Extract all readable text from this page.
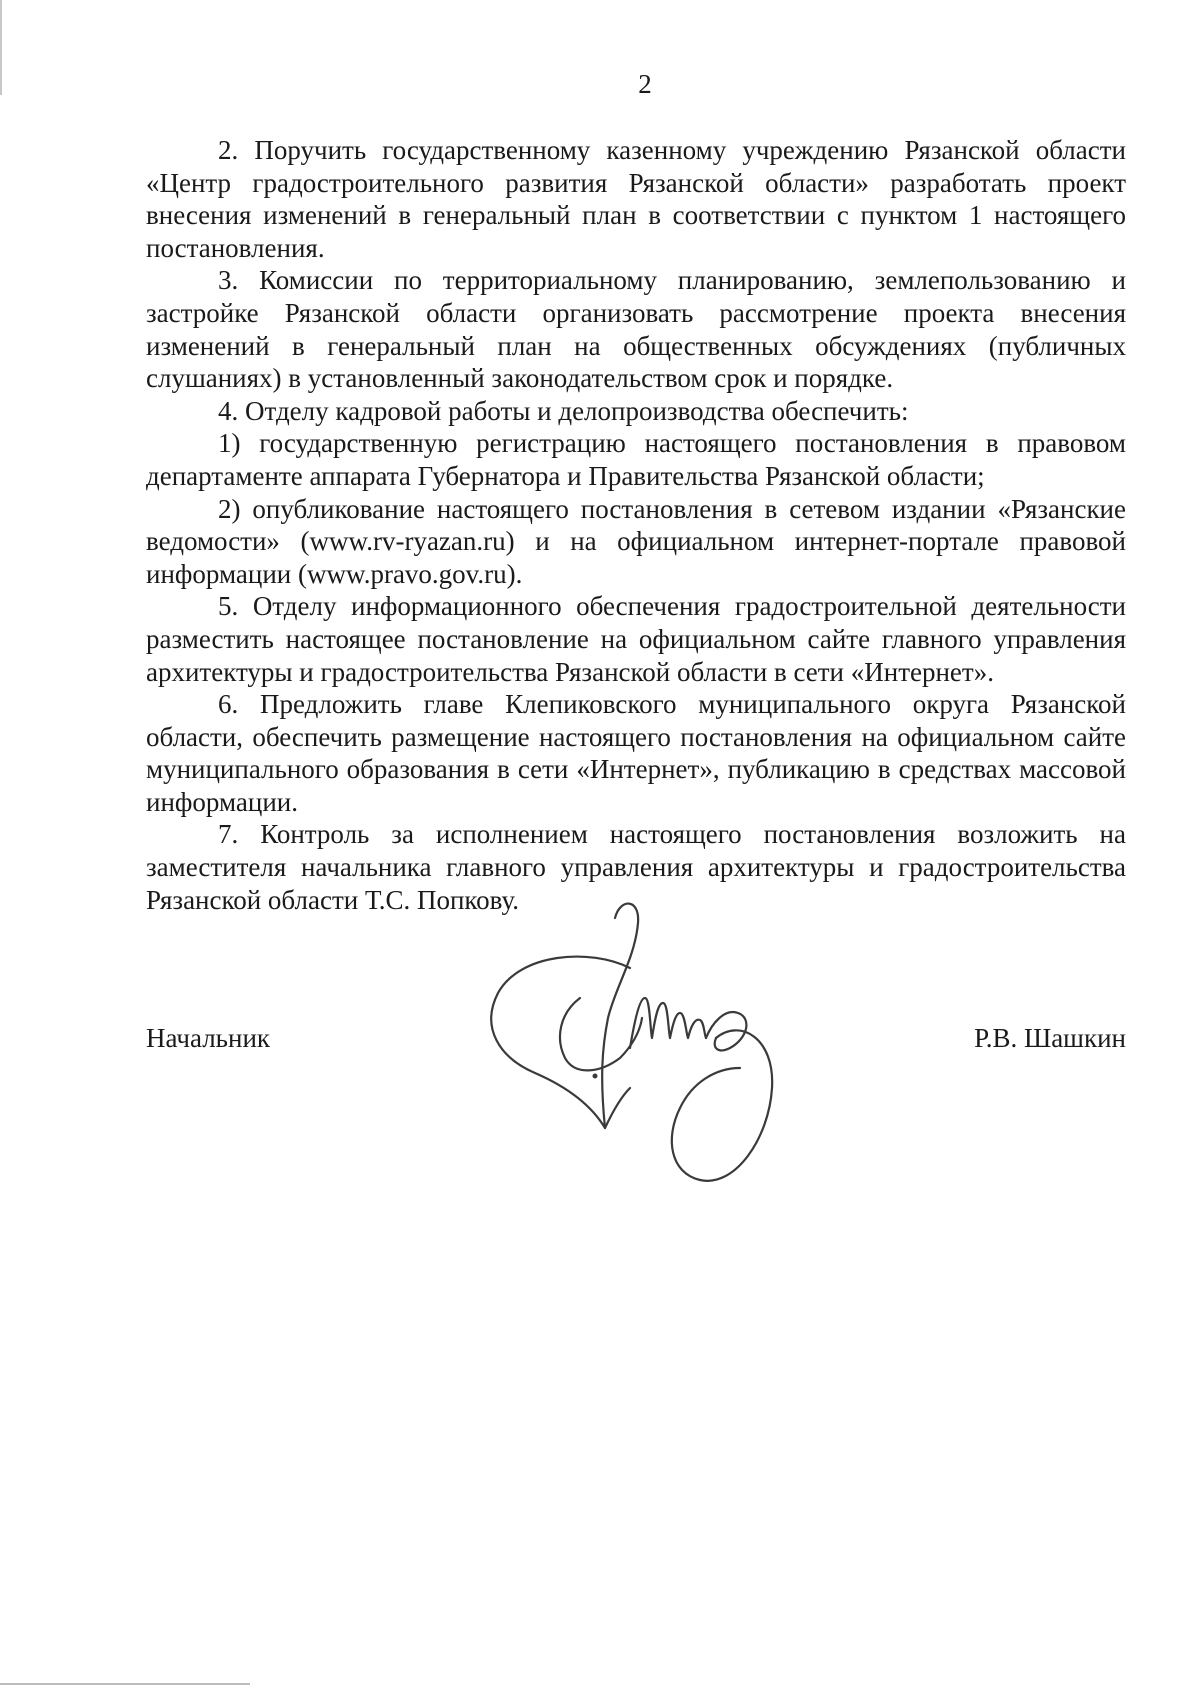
2

2. Поручить государственному казенному учреждению Рязанской области «Центр градостроительного развития Рязанской области» разработать проект внесения изменений в генеральный план в соответствии с пунктом 1 настоящего постановления.

3. Комиссии по территориальному планированию, землепользованию и застройке Рязанской области организовать рассмотрение проекта внесения изменений в генеральный план на общественных обсуждениях (публичных слушаниях) в установленный законодательством срок и порядке.

4. Отделу кадровой работы и делопроизводства обеспечить:

1) государственную регистрацию настоящего постановления в правовом департаменте аппарата Губернатора и Правительства Рязанской области;

2) опубликование настоящего постановления в сетевом издании «Рязанские ведомости» (www.rv-ryazan.ru) и на официальном интернет-портале правовой информации (www.pravo.gov.ru).

5. Отделу информационного обеспечения градостроительной деятельности разместить настоящее постановление на официальном сайте главного управления архитектуры и градостроительства Рязанской области в сети «Интернет».

6. Предложить главе Клепиковского муниципального округа Рязанской области, обеспечить размещение настоящего постановления на официальном сайте муниципального образования в сети «Интернет», публикацию в средствах массовой информации.

7. Контроль за исполнением настоящего постановления возложить на заместителя начальника главного управления архитектуры и градостроительства Рязанской области Т.С. Попкову.

Начальник	Р.В. Шашкин
